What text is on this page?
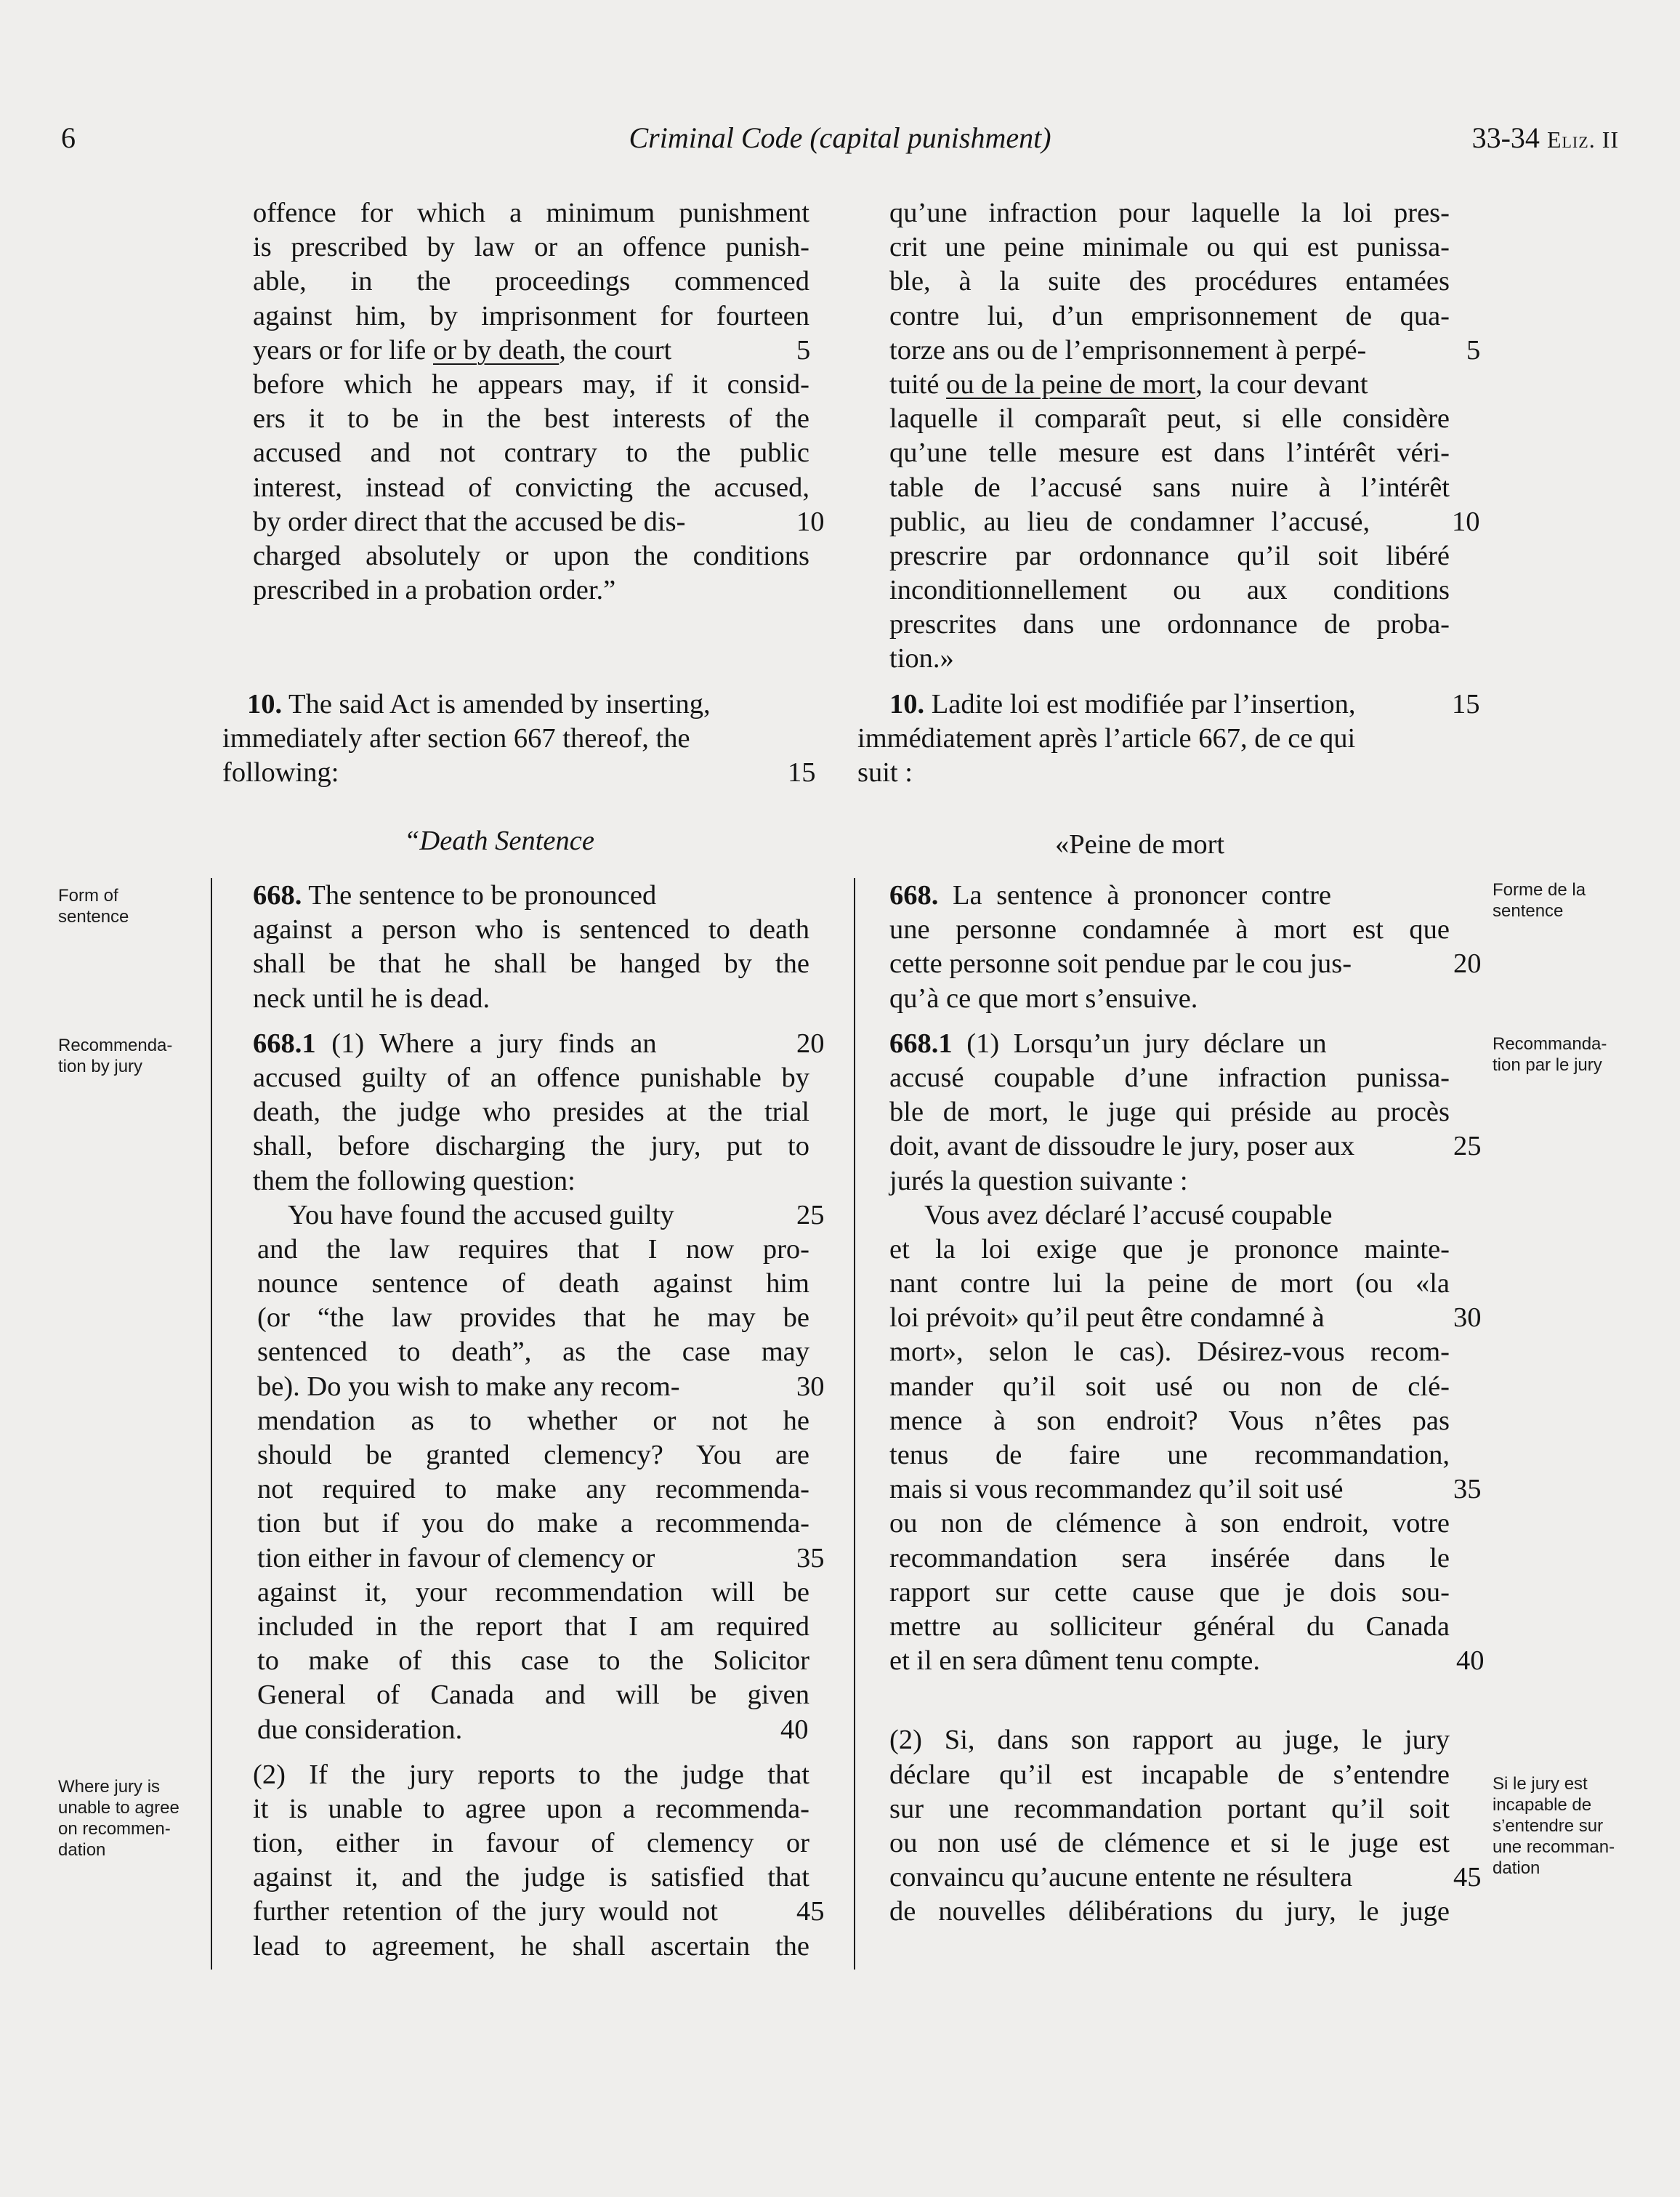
6	Criminal Code (capital punishment)	33-34 Eliz. II
offence for which a minimum punishment
is prescribed by law or an offence punish-
able, in the proceedings commenced
against him, by imprisonment for fourteen
years or for life or by death , the court	5
before which he appears may, if it consid-
ers it to be in the best interests of the
accused and not contrary to the public
interest, instead of convicting the accused,
by order direct that the accused be dis-	10
charged absolutely or upon the conditions
prescribed in a probation order.”
10. The said Act is amended by inserting,
immediately after section 667 thereof, the
following:	15
“Death Sentence
668. The sentence to be pronounced
against a person who is sentenced to death
shall be that he shall be hanged by the
neck until he is dead.
668.1 (1) Where a jury finds an	20
accused guilty of an offence punishable by
death, the judge who presides at the trial
shall, before discharging the jury, put to
them the following question:
You have found the accused guilty	25
and the law requires that I now pro-
nounce sentence of death against him
(or “the law provides that he may be
sentenced to death”, as the case may
be). Do you wish to make any recom-	30
mendation as to whether or not he
should be granted clemency? You are
not required to make any recommenda-
tion but if you do make a recommenda-
tion either in favour of clemency or	35
against it, your recommendation will be
included in the report that I am required
to make of this case to the Solicitor
General of Canada and will be given
due consideration.	40
(2) If the jury reports to the judge that
it is unable to agree upon a recommenda-
tion, either in favour of clemency or
against it, and the judge is satisfied that
further retention of the jury would not	45
lead to agreement, he shall ascertain the
qu’une infraction pour laquelle la loi pres-
crit une peine minimale ou qui est punissa-
ble, à la suite des procédures entamées
contre lui, d’un emprisonnement de qua-
torze ans ou de l’emprisonnement à perpé-	5
tuité ou de la peine de mort , la cour devant
laquelle il comparaît peut, si elle considère
qu’une telle mesure est dans l’intérêt véri-
table de l’accusé sans nuire à l’intérêt
public, au lieu de condamner l’accusé,	10
prescrire par ordonnance qu’il soit libéré
inconditionnellement ou aux conditions
prescrites dans une ordonnance de proba-
tion.»
10. Ladite loi est modifiée par l’insertion,	15
immédiatement après l’article 667, de ce qui
suit :
«Peine de mort
668. La sentence à prononcer contre
une personne condamnée à mort est que
cette personne soit pendue par le cou jus-	20
qu’à ce que mort s’ensuive.
668.1 (1) Lorsqu’un jury déclare un
accusé coupable d’une infraction punissa-
ble de mort, le juge qui préside au procès
doit, avant de dissoudre le jury, poser aux	25
jurés la question suivante :
Vous avez déclaré l’accusé coupable
et la loi exige que je prononce mainte-
nant contre lui la peine de mort (ou «la
loi prévoit» qu’il peut être condamné à	30
mort», selon le cas). Désirez-vous recom-
mander qu’il soit usé ou non de clé-
mence à son endroit? Vous n’êtes pas
tenus de faire une recommandation,
mais si vous recommandez qu’il soit usé	35
ou non de clémence à son endroit, votre
recommandation sera insérée dans le
rapport sur cette cause que je dois sou-
mettre au solliciteur général du Canada
et il en sera dûment tenu compte.	40
(2) Si, dans son rapport au juge, le jury
déclare qu’il est incapable de s’entendre
sur une recommandation portant qu’il soit
ou non usé de clémence et si le juge est
convaincu qu’aucune entente ne résultera	45
de nouvelles délibérations du jury, le juge
Form of
sentence
Recommenda-
tion by jury
Where jury is
unable to agree
on recommen-
dation
Forme de la
sentence
Recommanda-
tion par le jury
Si le jury est
incapable de
s’entendre sur
une recomman-
dation
